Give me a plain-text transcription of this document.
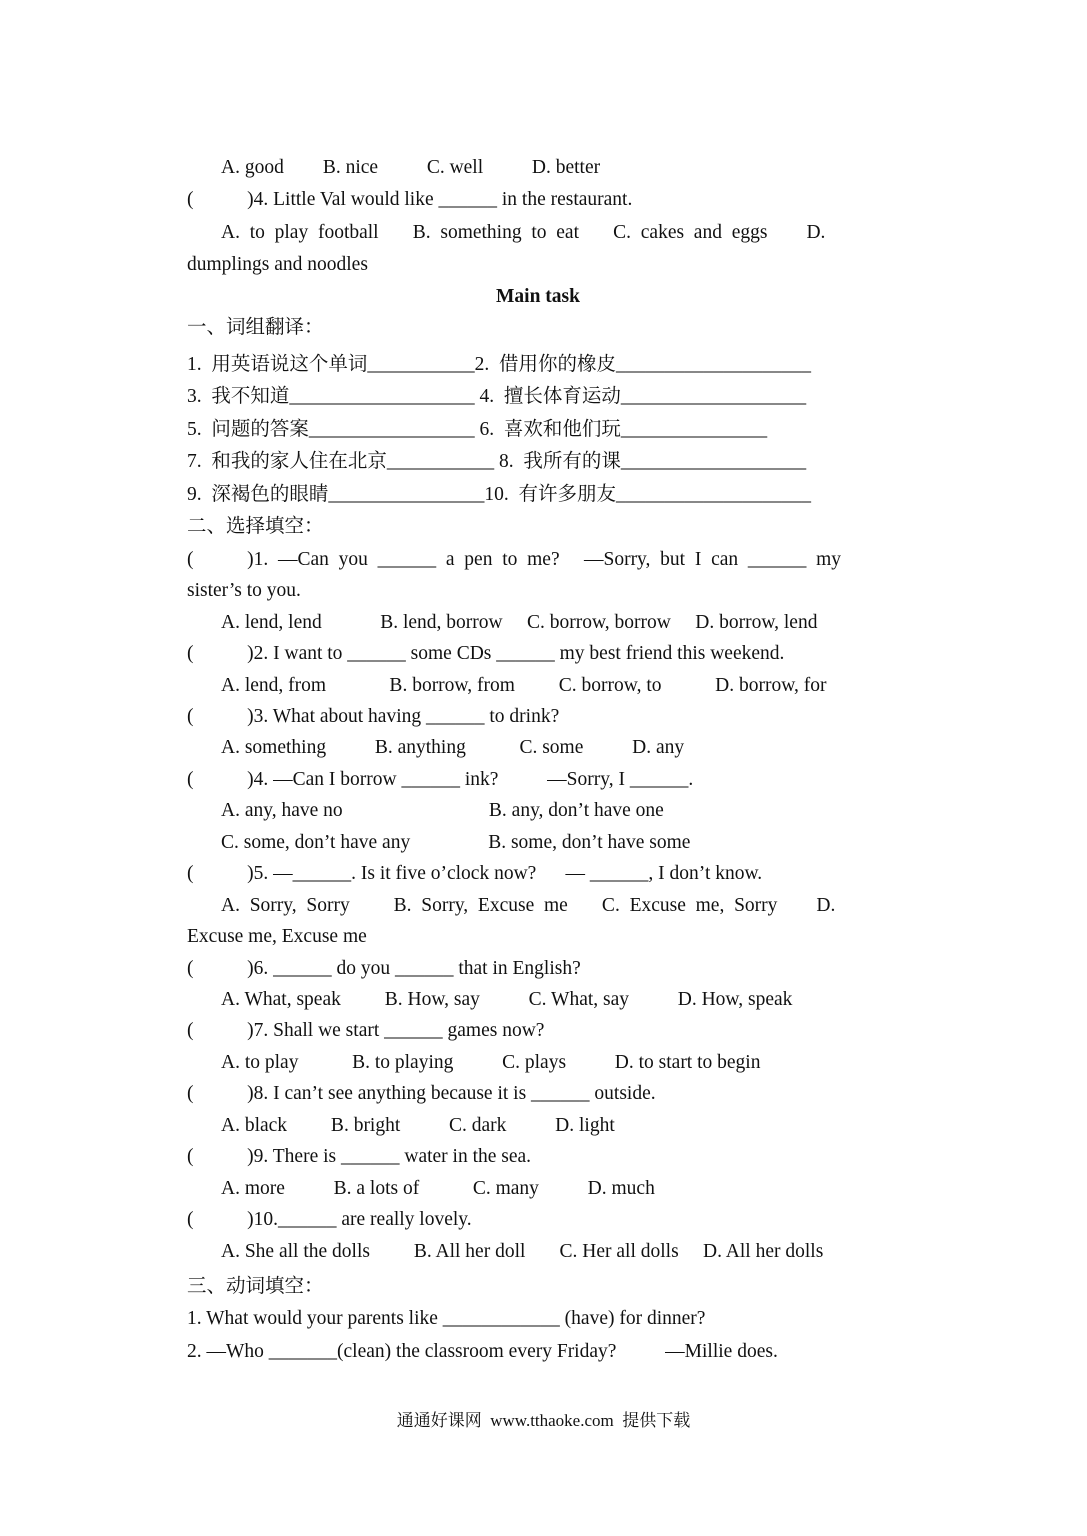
A. good        B. nice          C. well          D. better
(           )4. Little Val would like ______ in the restaurant.
A.  to  play  football       B.  something  to  eat       C.  cakes  and  eggs        D.
dumplings and noodles
Main task
一、词组翻译：
1.  用英语说这个单词___________2.  借用你的橡皮____________________
3.  我不知道___________________ 4.  擅长体育运动___________________
5.  问题的答案_________________ 6.  喜欢和他们玩_______________
7.  和我的家人住在北京___________ 8.  我所有的课___________________
9.  深褐色的眼睛________________10.  有许多朋友____________________
二、选择填空：
(           )1.  —Can  you  ______  a  pen  to  me?     —Sorry,  but  I  can  ______  my
sister’s to you.
A. lend, lend            B. lend, borrow     C. borrow, borrow     D. borrow, lend
(           )2. I want to ______ some CDs ______ my best friend this weekend.
A. lend, from             B. borrow, from         C. borrow, to           D. borrow, for
(           )3. What about having ______ to drink?
A. something          B. anything           C. some          D. any
(           )4. —Can I borrow ______ ink?          —Sorry, I ______.
A. any, have no                              B. any, don’t have one
C. some, don’t have any                B. some, don’t have some
(           )5. —______. Is it five o’clock now?      — ______, I don’t know.
A.  Sorry,  Sorry         B.  Sorry,  Excuse  me       C.  Excuse  me,  Sorry        D.
Excuse me, Excuse me
(           )6. ______ do you ______ that in English?
A. What, speak         B. How, say          C. What, say          D. How, speak
(           )7. Shall we start ______ games now?
A. to play           B. to playing          C. plays          D. to start to begin
(           )8. I can’t see anything because it is ______ outside.
A. black         B. bright          C. dark          D. light
(           )9. There is ______ water in the sea.
A. more          B. a lots of           C. many          D. much
(           )10.______ are really lovely.
A. She all the dolls         B. All her doll       C. Her all dolls     D. All her dolls
三、动词填空：
1. What would your parents like ____________ (have) for dinner?
2. —Who _______(clean) the classroom every Friday?          —Millie does.
通通好课网  www.tthaoke.com  提供下载
